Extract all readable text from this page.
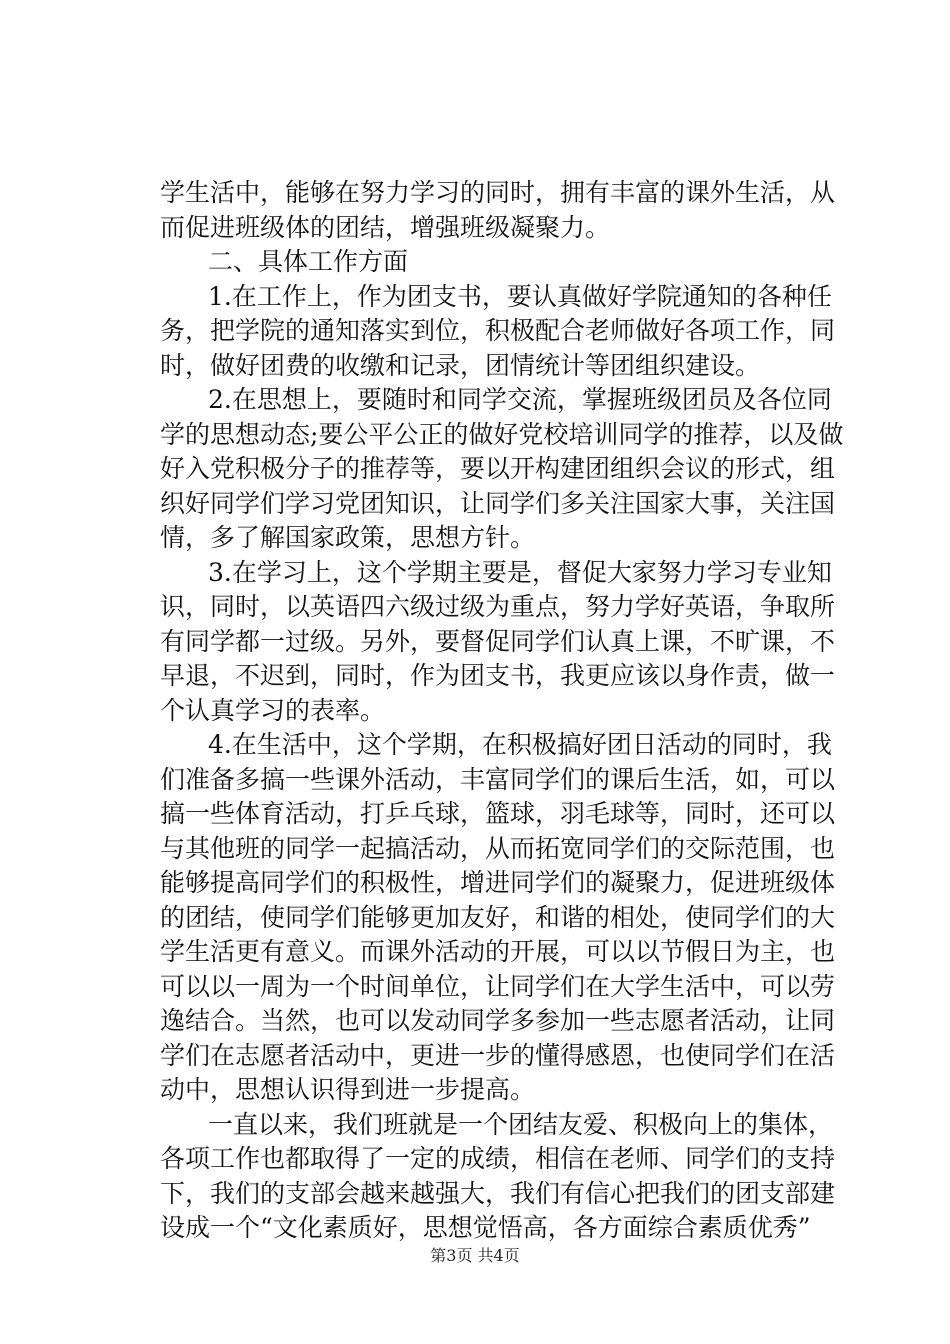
学生活中，能够在努力学习的同时，拥有丰富的课外生活，从
而促进班级体的团结，增强班级凝聚力。
二、具体工作方面
1.在工作上，作为团支书，要认真做好学院通知的各种任
务，把学院的通知落实到位，积极配合老师做好各项工作，同
时，做好团费的收缴和记录，团情统计等团组织建设。
2.在思想上，要随时和同学交流，掌握班级团员及各位同
学的思想动态;要公平公正的做好党校培训同学的推荐，以及做
好入党积极分子的推荐等，要以开构建团组织会议的形式，组
织好同学们学习党团知识，让同学们多关注国家大事，关注国
情，多了解国家政策，思想方针。
3.在学习上，这个学期主要是，督促大家努力学习专业知
识，同时，以英语四六级过级为重点，努力学好英语，争取所
有同学都一过级。另外，要督促同学们认真上课，不旷课，不
早退，不迟到，同时，作为团支书，我更应该以身作责，做一
个认真学习的表率。
4.在生活中，这个学期，在积极搞好团日活动的同时，我
们准备多搞一些课外活动，丰富同学们的课后生活，如，可以
搞一些体育活动，打乒乓球，篮球，羽毛球等，同时，还可以
与其他班的同学一起搞活动，从而拓宽同学们的交际范围，也
能够提高同学们的积极性，增进同学们的凝聚力，促进班级体
的团结，使同学们能够更加友好，和谐的相处，使同学们的大
学生活更有意义。而课外活动的开展，可以以节假日为主，也
可以以一周为一个时间单位，让同学们在大学生活中，可以劳
逸结合。当然，也可以发动同学多参加一些志愿者活动，让同
学们在志愿者活动中，更进一步的懂得感恩，也使同学们在活
动中，思想认识得到进一步提高。
一直以来，我们班就是一个团结友爱、积极向上的集体，
各项工作也都取得了一定的成绩，相信在老师、同学们的支持
下，我们的支部会越来越强大，我们有信心把我们的团支部建
设成一个“文化素质好，思想觉悟高，各方面综合素质优秀”
第3页 共4页
